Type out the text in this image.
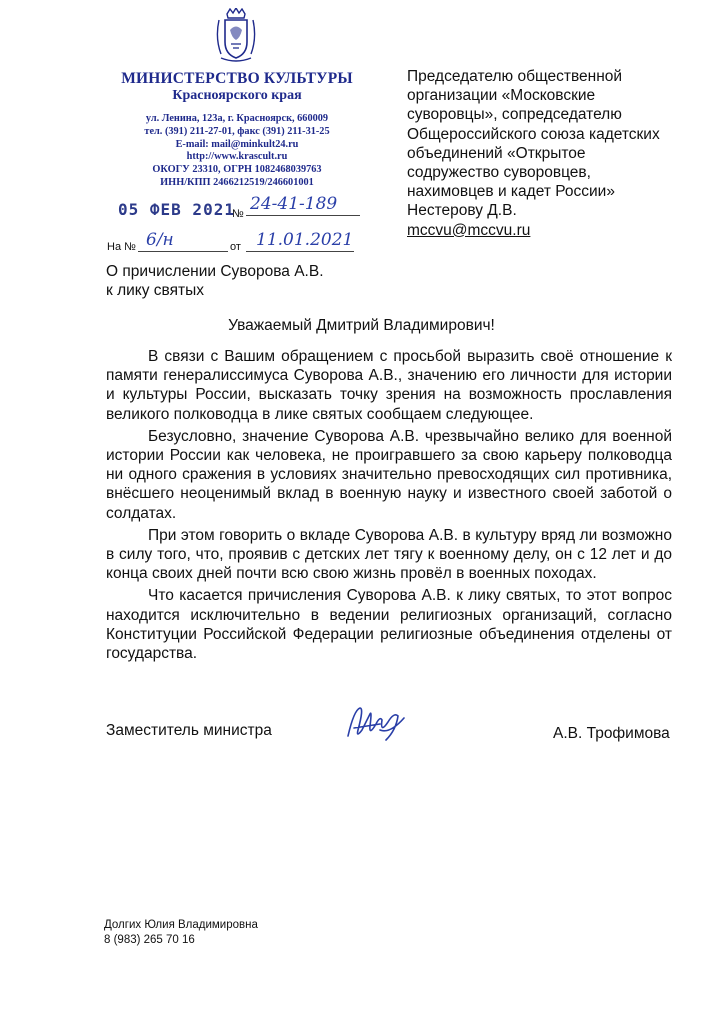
МИНИСТЕРСТВО КУЛЬТУРЫ
Красноярского края
ул. Ленина, 123а, г. Красноярск, 660009
тел. (391) 211-27-01, факс (391) 211-31-25
E-mail: mail@minkult24.ru
http://www.krascult.ru
ОКОГУ 23310, ОГРН 1082468039763
ИНН/КПП 2466212519/246601001
05 ФЕВ 2021
№ 24-41-189
На № 6/н	от 11.01.2021
Председателю общественной
организации «Московские
суворовцы», сопредседателю
Общероссийского союза кадетских
объединений «Открытое
содружество суворовцев,
нахимовцев и кадет России»
Нестерову Д.В.
mccvu@mccvu.ru
О причислении Суворова А.В.
к лику святых
Уважаемый Дмитрий Владимирович!

В связи с Вашим обращением с просьбой выразить своё отношение к памяти генералиссимуса Суворова А.В., значению его личности для истории и культуры России, высказать точку зрения на возможность прославления великого полководца в лике святых сообщаем следующее.

Безусловно, значение Суворова А.В. чрезвычайно велико для военной истории России как человека, не проигравшего за свою карьеру полководца ни одного сражения в условиях значительно превосходящих сил противника, внёсшего неоценимый вклад в военную науку и известного своей заботой о солдатах.

При этом говорить о вкладе Суворова А.В. в культуру вряд ли возможно в силу того, что, проявив с детских лет тягу к военному делу, он с 12 лет и до конца своих дней почти всю свою жизнь провёл в военных походах.

Что касается причисления Суворова А.В. к лику святых, то этот вопрос находится исключительно в ведении религиозных организаций, согласно Конституции Российской Федерации религиозные объединения отделены от государства.

Заместитель министра	А.В. Трофимова
Долгих Юлия Владимировна
8 (983) 265 70 16
